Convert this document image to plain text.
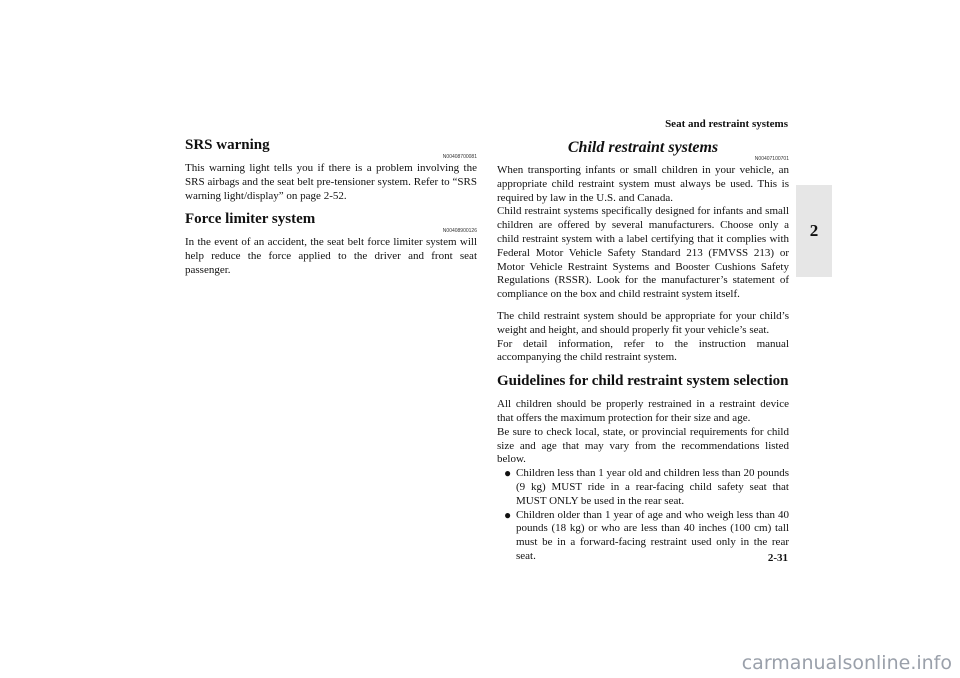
Seat and restraint systems
2
SRS warning
N00408700081

This warning light tells you if there is a problem involving the SRS airbags and the seat belt pre-tensioner system. Refer to “SRS warning light/display” on page 2-52.

Force limiter system
N00408900126

In the event of an accident, the seat belt force limiter system will help reduce the force applied to the driver and front seat passenger.

Child restraint systems
N00407100701

When transporting infants or small children in your vehicle, an appropriate child restraint system must always be used. This is required by law in the U.S. and Canada.

Child restraint systems specifically designed for infants and small children are offered by several manufacturers. Choose only a child restraint system with a label certifying that it complies with Federal Motor Vehicle Safety Standard 213 (FMVSS 213) or Motor Vehicle Restraint Systems and Booster Cushions Safety Regulations (RSSR). Look for the manufacturer’s statement of compliance on the box and child restraint system itself.

The child restraint system should be appropriate for your child’s weight and height, and should properly fit your vehicle’s seat.

For detail information, refer to the instruction manual accompanying the child restraint system.

Guidelines for child restraint system selection

All children should be properly restrained in a restraint device that offers the maximum protection for their size and age.

Be sure to check local, state, or provincial requirements for child size and age that may vary from the recommendations listed below.

● Children less than 1 year old and children less than 20 pounds (9 kg) MUST ride in a rear-facing child safety seat that MUST ONLY be used in the rear seat.

● Children older than 1 year of age and who weigh less than 40 pounds (18 kg) or who are less than 40 inches (100 cm) tall must be in a forward-facing restraint used only in the rear seat.	2-31
carmanualsonline.info
